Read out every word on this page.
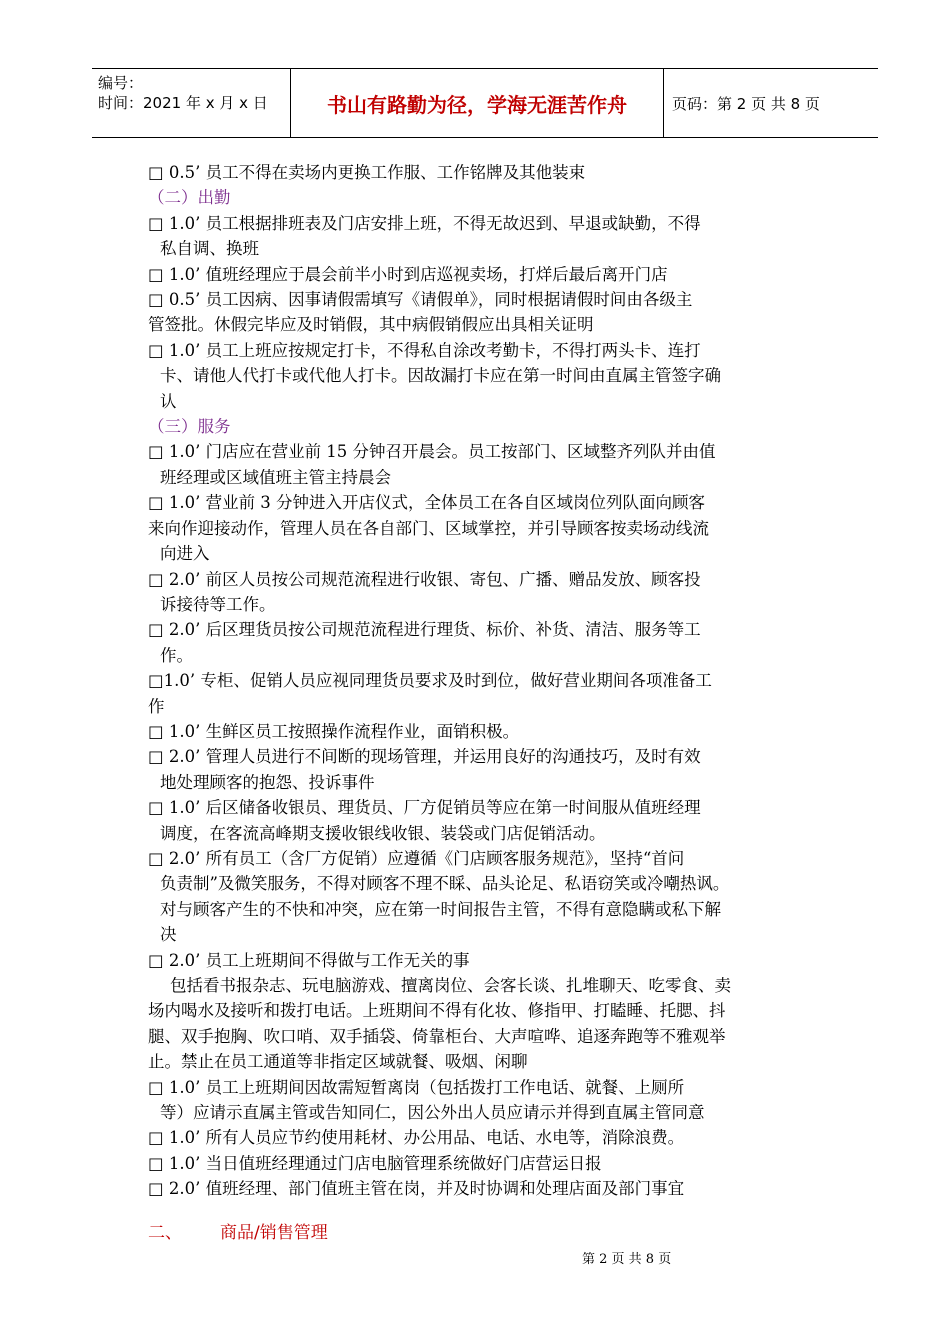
编号：
时间：2021 年 x 月 x 日	书山有路勤为径，学海无涯苦作舟	页码：第 2 页 共 8 页
□ 0.5’ 员工不得在卖场内更换工作服、工作铭牌及其他装束
（二）出勤
□ 1.0’ 员工根据排班表及门店安排上班，不得无故迟到、早退或缺勤，不得
私自调、换班
□ 1.0’ 值班经理应于晨会前半小时到店巡视卖场，打烊后最后离开门店
□ 0.5’ 员工因病、因事请假需填写《请假单》，同时根据请假时间由各级主
管签批。休假完毕应及时销假，其中病假销假应出具相关证明
□ 1.0’ 员工上班应按规定打卡，不得私自涂改考勤卡，不得打两头卡、连打
卡、请他人代打卡或代他人打卡。因故漏打卡应在第一时间由直属主管签字确
认
（三）服务
□ 1.0’ 门店应在营业前 15 分钟召开晨会。员工按部门、区域整齐列队并由值
班经理或区域值班主管主持晨会
□ 1.0’ 营业前 3 分钟进入开店仪式，全体员工在各自区域岗位列队面向顾客
来向作迎接动作，管理人员在各自部门、区域掌控，并引导顾客按卖场动线流
向进入
□ 2.0’ 前区人员按公司规范流程进行收银、寄包、广播、赠品发放、顾客投
诉接待等工作。
□ 2.0’ 后区理货员按公司规范流程进行理货、标价、补货、清洁、服务等工
作。
□1.0’ 专柜、促销人员应视同理货员要求及时到位，做好营业期间各项准备工
作
□ 1.0’ 生鲜区员工按照操作流程作业，面销积极。
□ 2.0’ 管理人员进行不间断的现场管理，并运用良好的沟通技巧，及时有效
地处理顾客的抱怨、投诉事件
□ 1.0’ 后区储备收银员、理货员、厂方促销员等应在第一时间服从值班经理
调度，在客流高峰期支援收银线收银、装袋或门店促销活动。
□ 2.0’ 所有员工（含厂方促销）应遵循《门店顾客服务规范》，坚持“首问
负责制”及微笑服务，不得对顾客不理不睬、品头论足、私语窃笑或冷嘲热讽。
对与顾客产生的不快和冲突，应在第一时间报告主管，不得有意隐瞒或私下解
决
□ 2.0’ 员工上班期间不得做与工作无关的事
包括看书报杂志、玩电脑游戏、擅离岗位、会客长谈、扎堆聊天、吃零食、卖
场内喝水及接听和拨打电话。上班期间不得有化妆、修指甲、打瞌睡、托腮、抖
腿、双手抱胸、吹口哨、双手插袋、倚靠柜台、大声喧哗、追逐奔跑等不雅观举
止。禁止在员工通道等非指定区域就餐、吸烟、闲聊
□ 1.0’ 员工上班期间因故需短暂离岗（包括拨打工作电话、就餐、上厕所
等）应请示直属主管或告知同仁，因公外出人员应请示并得到直属主管同意
□ 1.0’ 所有人员应节约使用耗材、办公用品、电话、水电等，消除浪费。
□ 1.0’ 当日值班经理通过门店电脑管理系统做好门店营运日报
□ 2.0’ 值班经理、部门值班主管在岗，并及时协调和处理店面及部门事宜
二、 商品/销售管理
第 2 页 共 8 页
